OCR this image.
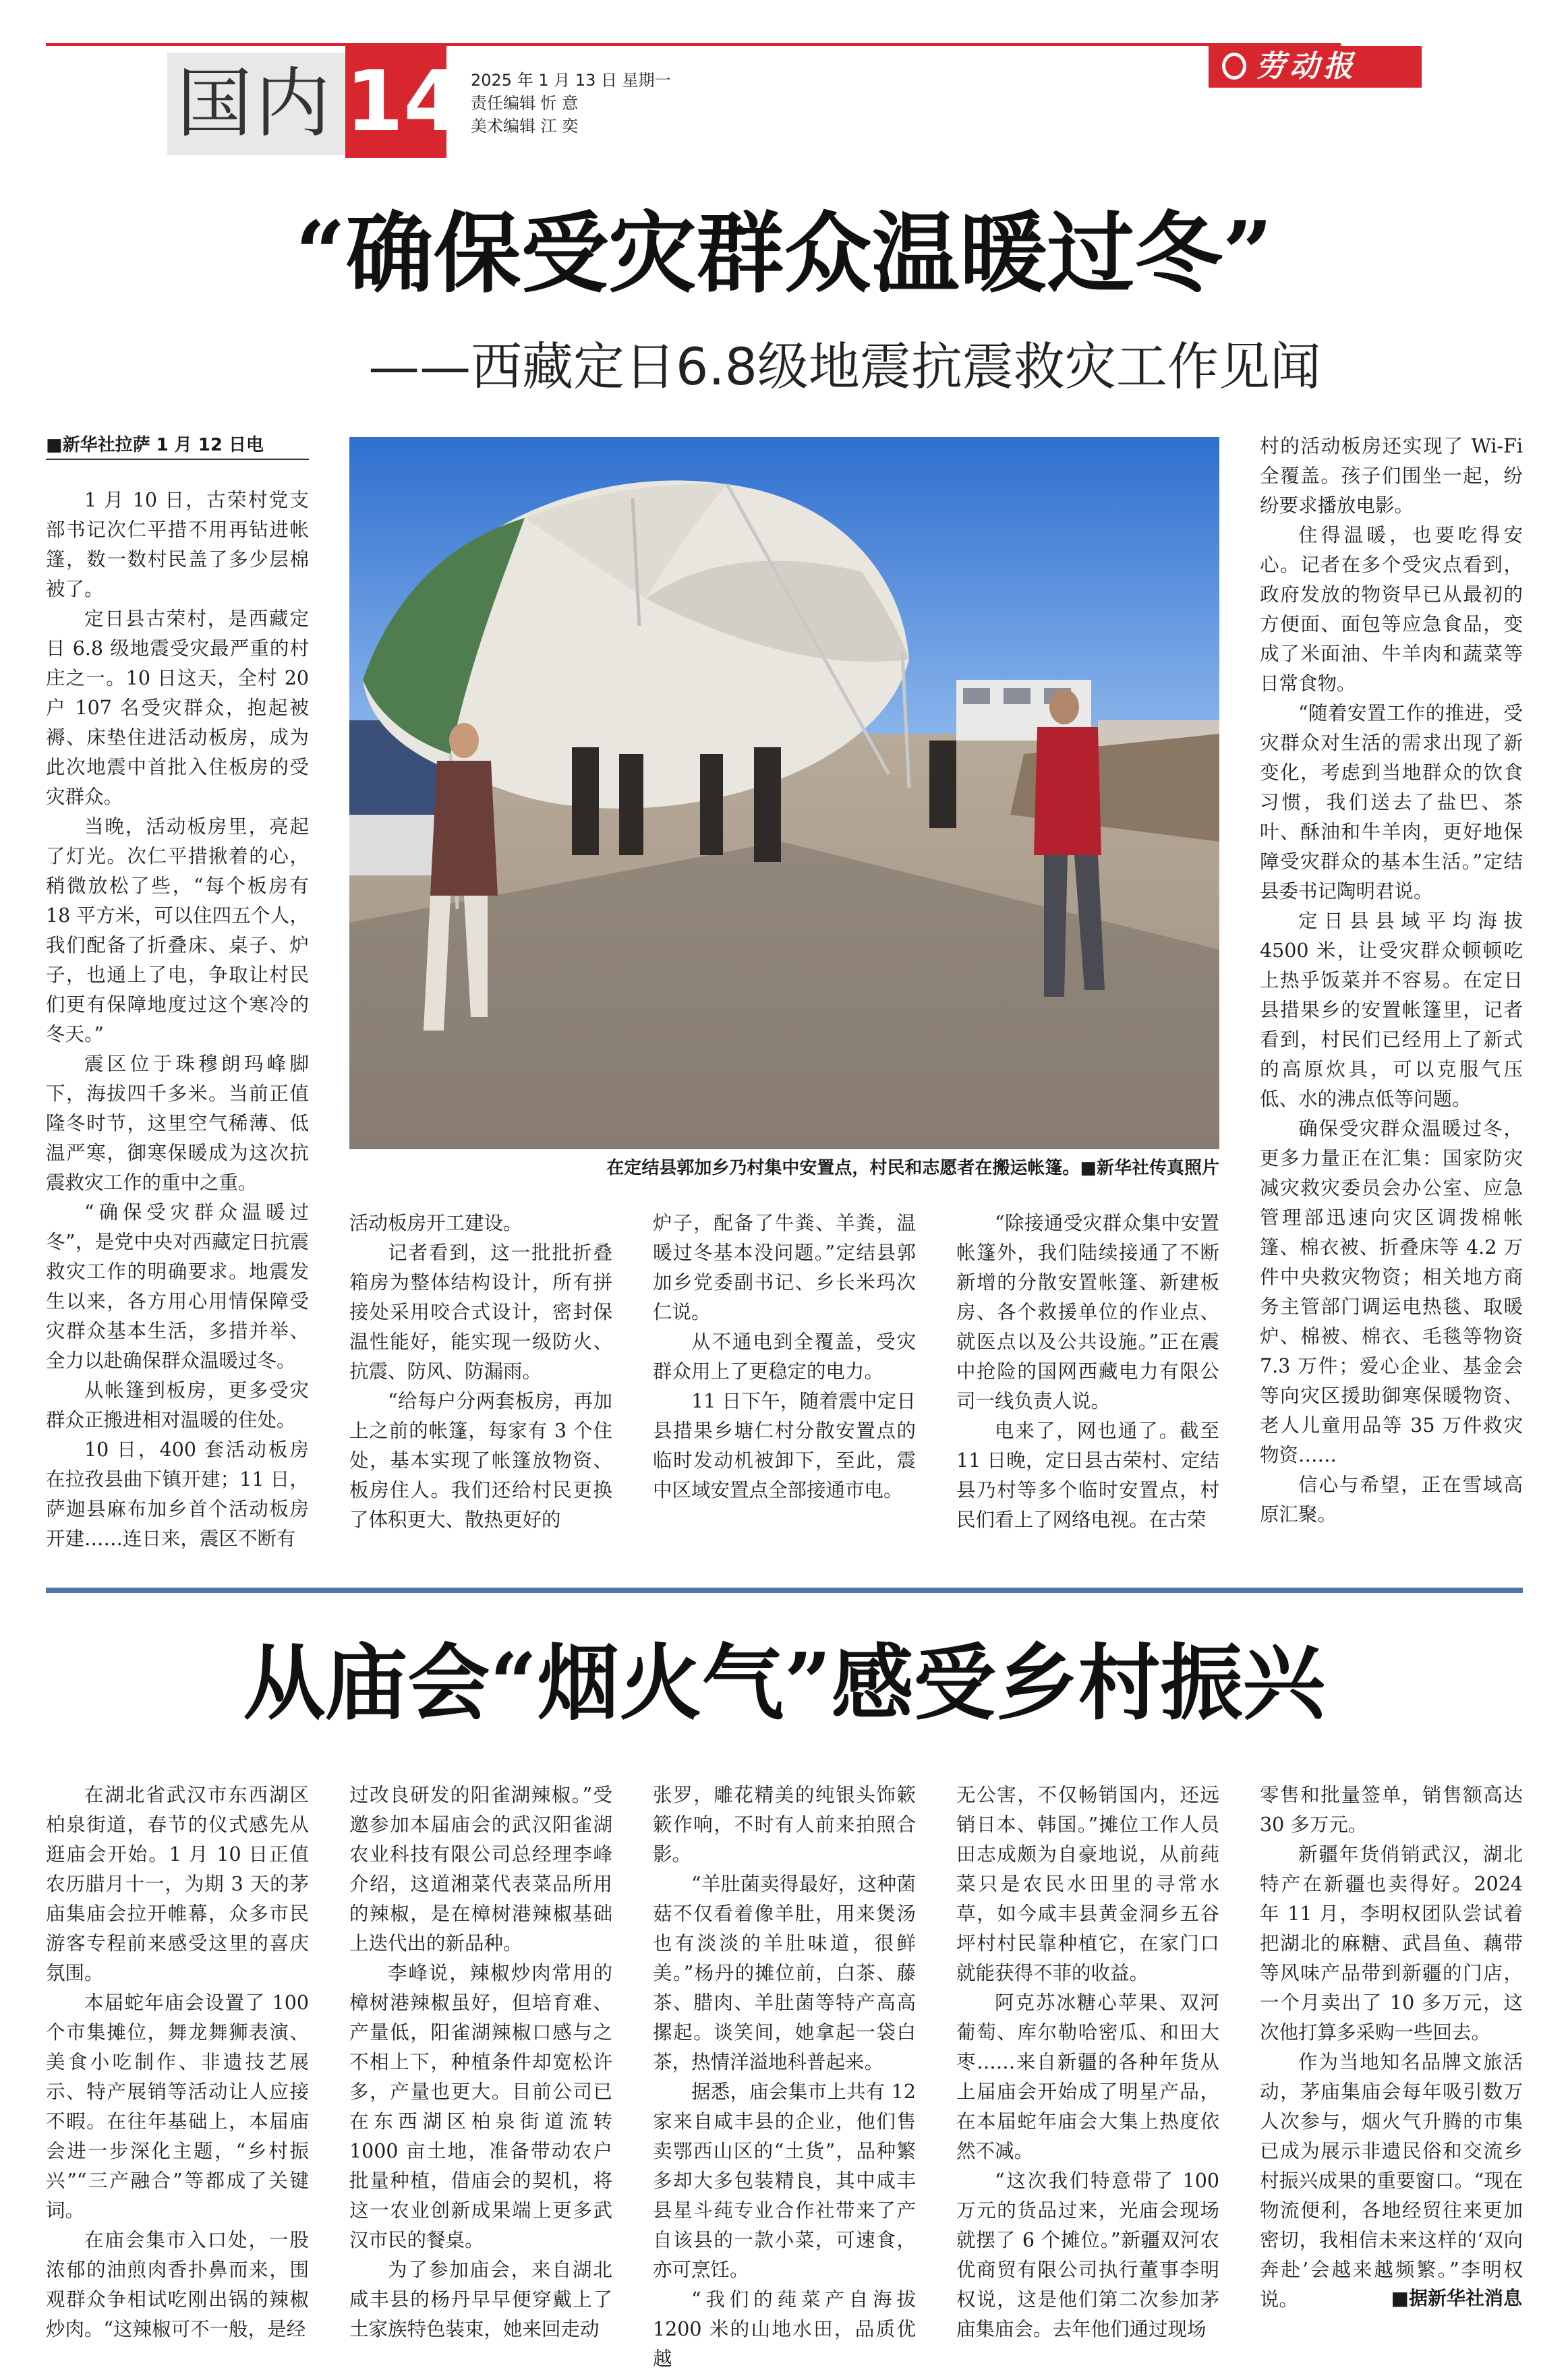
国内 14 2025 年 1 月 13 日 星期一
责任编辑 忻 意
美术编辑 江 奕
劳动报
“确保受灾群众温暖过冬”
——西藏定日6.8级地震抗震救灾工作见闻
■新华社拉萨 1 月 12 日电

1 月 10 日，古荣村党支部书记次仁平措不用再钻进帐篷，数一数村民盖了多少层棉被了。

定日县古荣村，是西藏定日 6.8 级地震受灾最严重的村庄之一。10 日这天，全村 20 户 107 名受灾群众，抱起被褥、床垫住进活动板房，成为此次地震中首批入住板房的受灾群众。

当晚，活动板房里，亮起了灯光。次仁平措揪着的心，稍微放松了些，“每个板房有 18 平方米，可以住四五个人，我们配备了折叠床、桌子、炉子，也通上了电，争取让村民们更有保障地度过这个寒冷的冬天。”

震区位于珠穆朗玛峰脚下，海拔四千多米。当前正值隆冬时节，这里空气稀薄、低温严寒，御寒保暖成为这次抗震救灾工作的重中之重。

“确保受灾群众温暖过冬”，是党中央对西藏定日抗震救灾工作的明确要求。地震发生以来，各方用心用情保障受灾群众基本生活，多措并举、全力以赴确保群众温暖过冬。

从帐篷到板房，更多受灾群众正搬进相对温暖的住处。

10 日，400 套活动板房在拉孜县曲下镇开建；11 日，萨迦县麻布加乡首个活动板房开建……连日来，震区不断有

在定结县郭加乡乃村集中安置点，村民和志愿者在搬运帐篷。■新华社传真照片

活动板房开工建设。

记者看到，这一批批折叠箱房为整体结构设计，所有拼接处采用咬合式设计，密封保温性能好，能实现一级防火、抗震、防风、防漏雨。

“给每户分两套板房，再加上之前的帐篷，每家有 3 个住处，基本实现了帐篷放物资、板房住人。我们还给村民更换了体积更大、散热更好的

炉子，配备了牛粪、羊粪，温暖过冬基本没问题。”定结县郭加乡党委副书记、乡长米玛次仁说。

从不通电到全覆盖，受灾群众用上了更稳定的电力。

11 日下午，随着震中定日县措果乡塘仁村分散安置点的临时发动机被卸下，至此，震中区域安置点全部接通市电。

“除接通受灾群众集中安置帐篷外，我们陆续接通了不断新增的分散安置帐篷、新建板房、各个救援单位的作业点、就医点以及公共设施。”正在震中抢险的国网西藏电力有限公司一线负责人说。

电来了，网也通了。截至 11 日晚，定日县古荣村、定结县乃村等多个临时安置点，村民们看上了网络电视。在古荣

村的活动板房还实现了 Wi-Fi 全覆盖。孩子们围坐一起，纷纷要求播放电影。

住得温暖，也要吃得安心。记者在多个受灾点看到，政府发放的物资早已从最初的方便面、面包等应急食品，变成了米面油、牛羊肉和蔬菜等日常食物。

“随着安置工作的推进，受灾群众对生活的需求出现了新变化，考虑到当地群众的饮食习惯，我们送去了盐巴、茶叶、酥油和牛羊肉，更好地保障受灾群众的基本生活。”定结县委书记陶明君说。

定日县县域平均海拔 4500 米，让受灾群众顿顿吃上热乎饭菜并不容易。在定日县措果乡的安置帐篷里，记者看到，村民们已经用上了新式的高原炊具，可以克服气压低、水的沸点低等问题。

确保受灾群众温暖过冬，更多力量正在汇集：国家防灾减灾救灾委员会办公室、应急管理部迅速向灾区调拨棉帐篷、棉衣被、折叠床等 4.2 万件中央救灾物资；相关地方商务主管部门调运电热毯、取暖炉、棉被、棉衣、毛毯等物资 7.3 万件；爱心企业、基金会等向灾区援助御寒保暖物资、老人儿童用品等 35 万件救灾物资……

信心与希望，正在雪域高原汇聚。

从庙会“烟火气”感受乡村振兴

在湖北省武汉市东西湖区柏泉街道，春节的仪式感先从逛庙会开始。1 月 10 日正值农历腊月十一，为期 3 天的茅庙集庙会拉开帷幕，众多市民游客专程前来感受这里的喜庆氛围。

本届蛇年庙会设置了 100 个市集摊位，舞龙舞狮表演、美食小吃制作、非遗技艺展示、特产展销等活动让人应接不暇。在往年基础上，本届庙会进一步深化主题，“乡村振兴”“三产融合”等都成了关键词。

在庙会集市入口处，一股浓郁的油煎肉香扑鼻而来，围观群众争相试吃刚出锅的辣椒炒肉。“这辣椒可不一般，是经

过改良研发的阳雀湖辣椒。”受邀参加本届庙会的武汉阳雀湖农业科技有限公司总经理李峰介绍，这道湘菜代表菜品所用的辣椒，是在樟树港辣椒基础上迭代出的新品种。

李峰说，辣椒炒肉常用的樟树港辣椒虽好，但培育难、产量低，阳雀湖辣椒口感与之不相上下，种植条件却宽松许多，产量也更大。目前公司已在东西湖区柏泉街道流转 1000 亩土地，准备带动农户批量种植，借庙会的契机，将这一农业创新成果端上更多武汉市民的餐桌。

为了参加庙会，来自湖北咸丰县的杨丹早早便穿戴上了土家族特色装束，她来回走动

张罗，雕花精美的纯银头饰簌簌作响，不时有人前来拍照合影。

“羊肚菌卖得最好，这种菌菇不仅看着像羊肚，用来煲汤也有淡淡的羊肚味道，很鲜美。”杨丹的摊位前，白茶、藤茶、腊肉、羊肚菌等特产高高摞起。谈笑间，她拿起一袋白茶，热情洋溢地科普起来。

据悉，庙会集市上共有 12 家来自咸丰县的企业，他们售卖鄂西山区的“土货”，品种繁多却大多包装精良，其中咸丰县星斗莼专业合作社带来了产自该县的一款小菜，可速食，亦可烹饪。

“我们的莼菜产自海拔 1200 米的山地水田，品质优越

无公害，不仅畅销国内，还远销日本、韩国。”摊位工作人员田志成颇为自豪地说，从前莼菜只是农民水田里的寻常水草，如今咸丰县黄金洞乡五谷坪村村民靠种植它，在家门口就能获得不菲的收益。

阿克苏冰糖心苹果、双河葡萄、库尔勒哈密瓜、和田大枣……来自新疆的各种年货从上届庙会开始成了明星产品，在本届蛇年庙会大集上热度依然不减。

“这次我们特意带了 100 万元的货品过来，光庙会现场就摆了 6 个摊位。”新疆双河农优商贸有限公司执行董事李明权说，这是他们第二次参加茅庙集庙会。去年他们通过现场

零售和批量签单，销售额高达 30 多万元。

新疆年货俏销武汉，湖北特产在新疆也卖得好。2024 年 11 月，李明权团队尝试着把湖北的麻糖、武昌鱼、藕带等风味产品带到新疆的门店，一个月卖出了 10 多万元，这次他打算多采购一些回去。

作为当地知名品牌文旅活动，茅庙集庙会每年吸引数万人次参与，烟火气升腾的市集已成为展示非遗民俗和交流乡村振兴成果的重要窗口。“现在物流便利，各地经贸往来更加密切，我相信未来这样的‘双向奔赴’会越来越频繁。”李明权说。	■据新华社消息
